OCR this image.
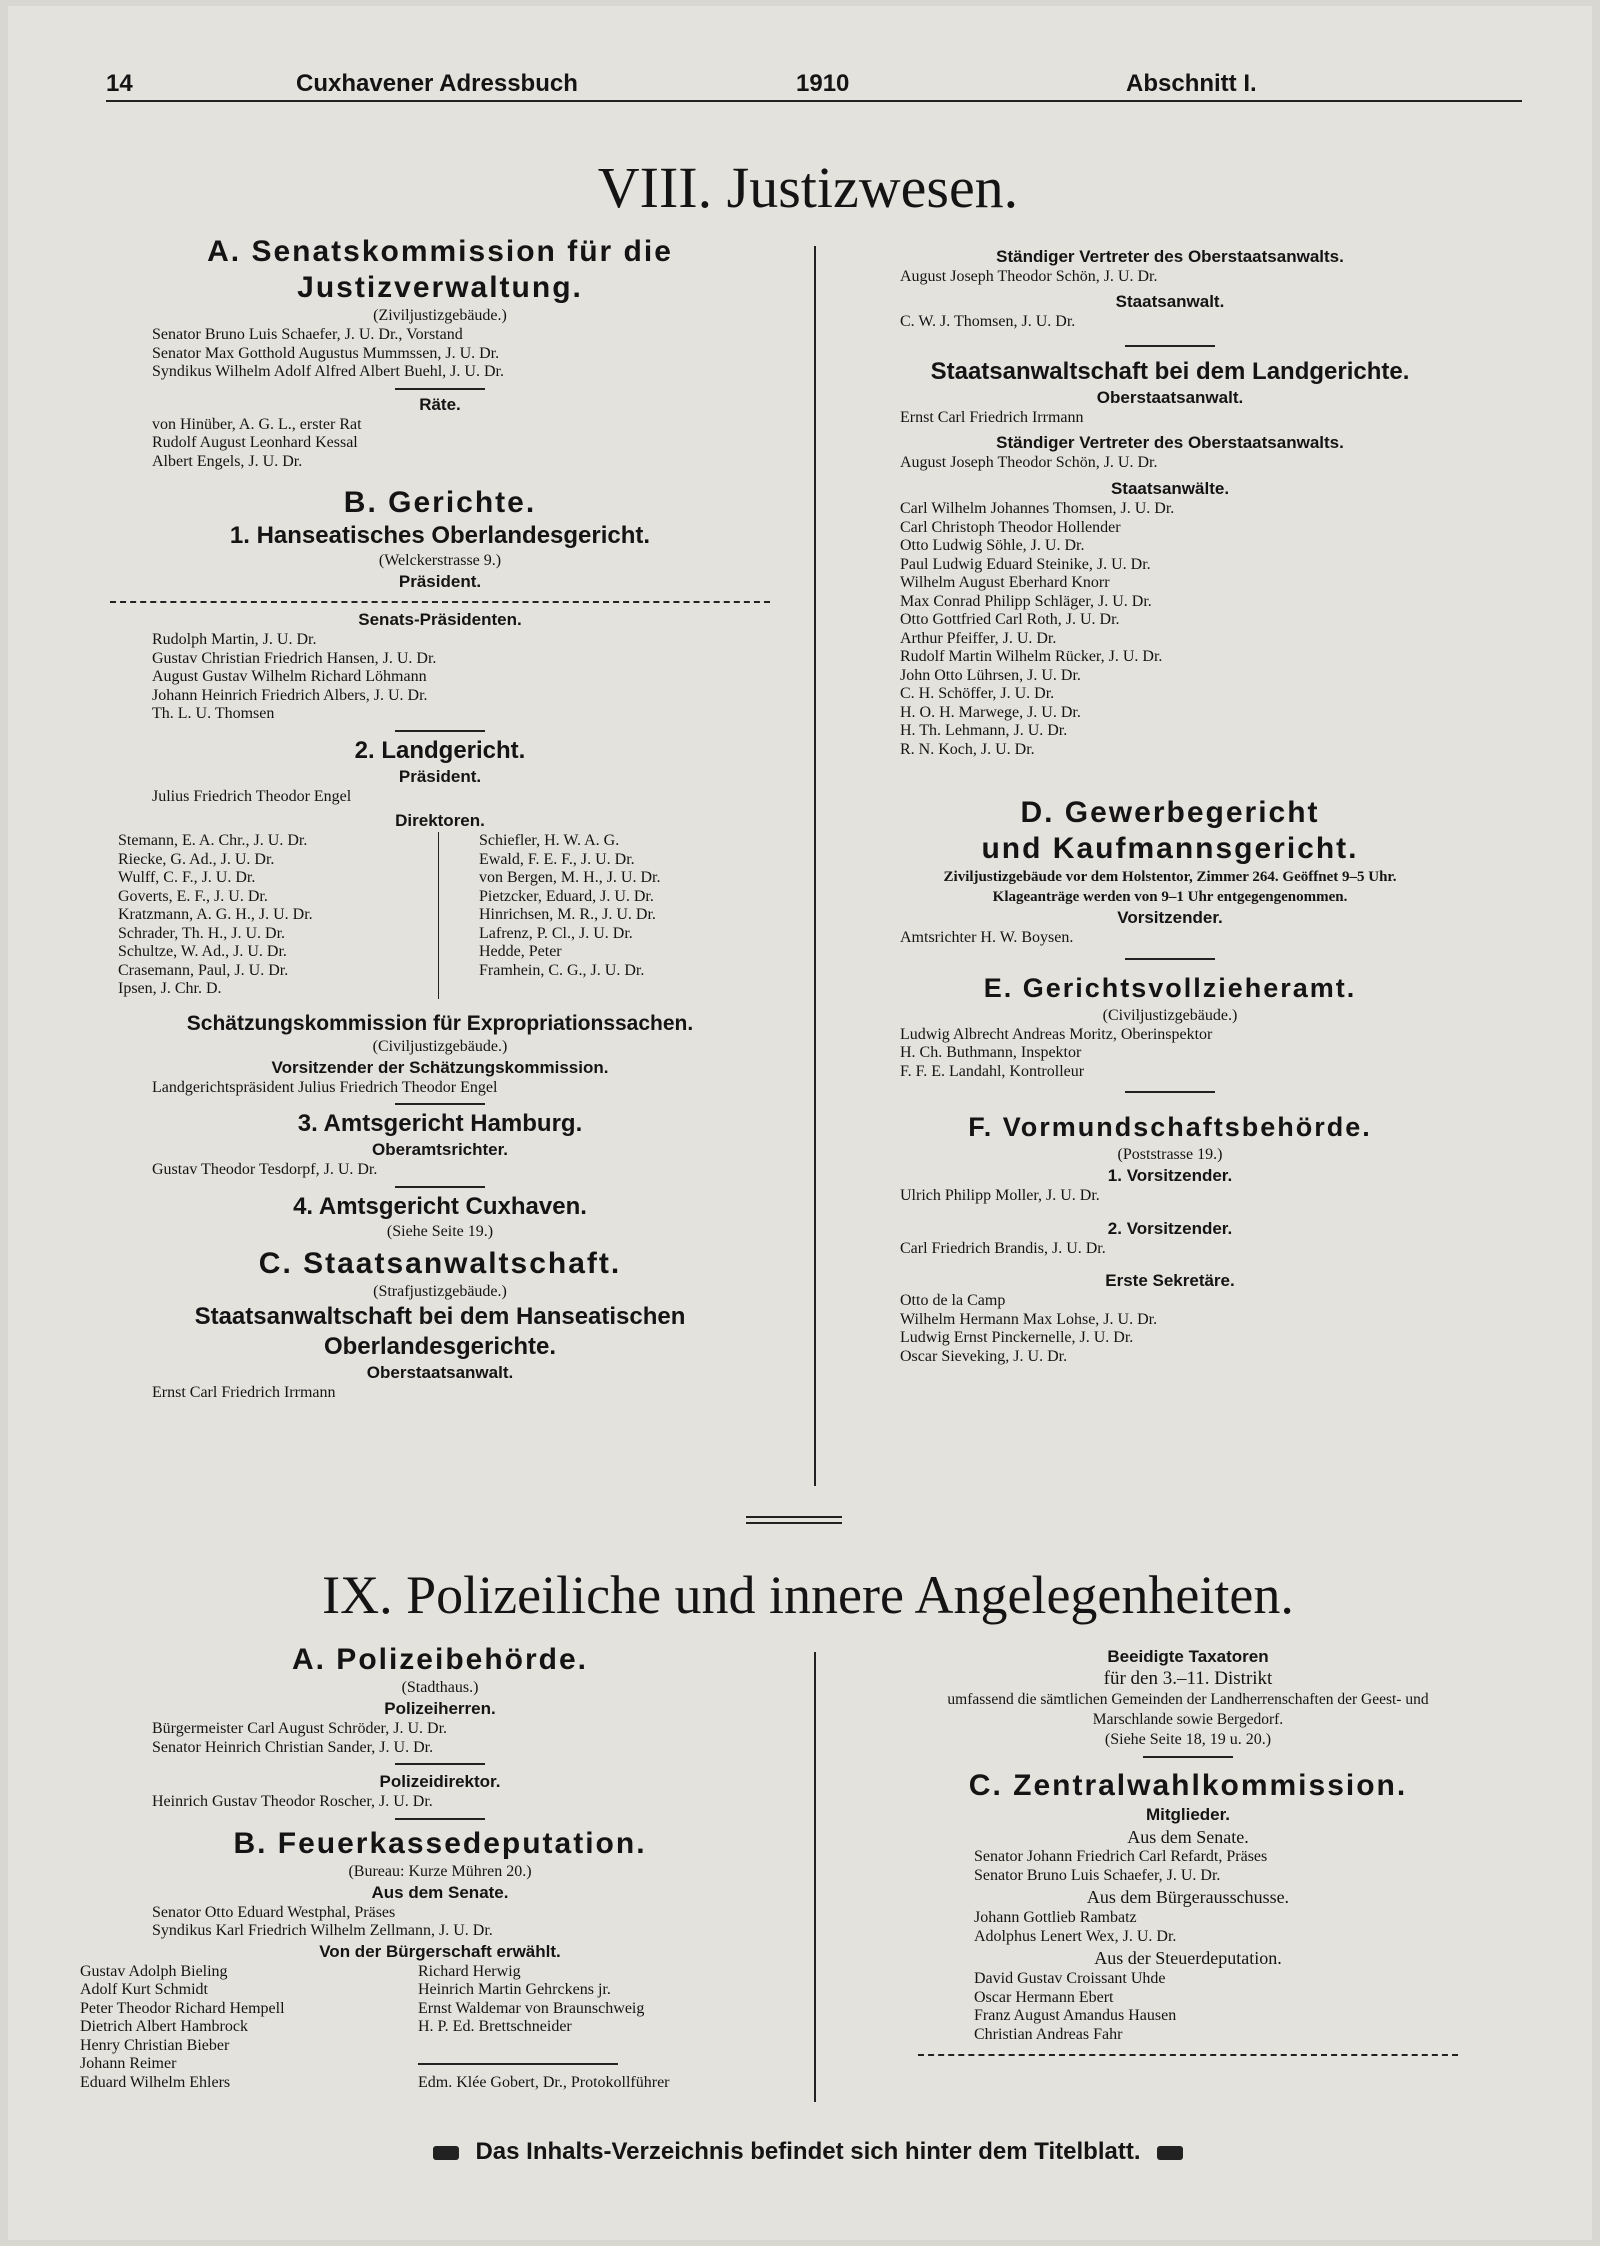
14	Cuxhavener Adressbuch	1910	Abschnitt I.
VIII. Justizwesen.
A. Senatskommission für die
Justizverwaltung.
(Ziviljustizgebäude.)
Senator Bruno Luis Schaefer, J. U. Dr., Vorstand
Senator Max Gotthold Augustus Mummssen, J. U. Dr.
Syndikus Wilhelm Adolf Alfred Albert Buehl, J. U. Dr.
Räte.
von Hinüber, A. G. L., erster Rat
Rudolf August Leonhard Kessal
Albert Engels, J. U. Dr.
B. Gerichte.
1. Hanseatisches Oberlandesgericht.
(Welckerstrasse 9.)
Präsident.
Senats-Präsidenten.
Rudolph Martin, J. U. Dr.
Gustav Christian Friedrich Hansen, J. U. Dr.
August Gustav Wilhelm Richard Löhmann
Johann Heinrich Friedrich Albers, J. U. Dr.
Th. L. U. Thomsen
2. Landgericht.
Präsident.
Julius Friedrich Theodor Engel
Direktoren.
Stemann, E. A. Chr., J. U. Dr.
Riecke, G. Ad., J. U. Dr.
Wulff, C. F., J. U. Dr.
Goverts, E. F., J. U. Dr.
Kratzmann, A. G. H., J. U. Dr.
Schrader, Th. H., J. U. Dr.
Schultze, W. Ad., J. U. Dr.
Crasemann, Paul, J. U. Dr.
Ipsen, J. Chr. D.
Schiefler, H. W. A. G.
Ewald, F. E. F., J. U. Dr.
von Bergen, M. H., J. U. Dr.
Pietzcker, Eduard, J. U. Dr.
Hinrichsen, M. R., J. U. Dr.
Lafrenz, P. Cl., J. U. Dr.
Hedde, Peter
Framhein, C. G., J. U. Dr.
Schätzungskommission für Expropriationssachen.
(Civiljustizgebäude.)
Vorsitzender der Schätzungskommission.
Landgerichtspräsident Julius Friedrich Theodor Engel
3. Amtsgericht Hamburg.
Oberamtsrichter.
Gustav Theodor Tesdorpf, J. U. Dr.
4. Amtsgericht Cuxhaven.
(Siehe Seite 19.)
C. Staatsanwaltschaft.
(Strafjustizgebäude.)
Staatsanwaltschaft bei dem Hanseatischen
Oberlandesgerichte.
Oberstaatsanwalt.
Ernst Carl Friedrich Irrmann
Ständiger Vertreter des Oberstaatsanwalts.
August Joseph Theodor Schön, J. U. Dr.
Staatsanwalt.
C. W. J. Thomsen, J. U. Dr.
Staatsanwaltschaft bei dem Landgerichte.
Oberstaatsanwalt.
Ernst Carl Friedrich Irrmann
Ständiger Vertreter des Oberstaatsanwalts.
August Joseph Theodor Schön, J. U. Dr.
Staatsanwälte.
Carl Wilhelm Johannes Thomsen, J. U. Dr.
Carl Christoph Theodor Hollender
Otto Ludwig Söhle, J. U. Dr.
Paul Ludwig Eduard Steinike, J. U. Dr.
Wilhelm August Eberhard Knorr
Max Conrad Philipp Schläger, J. U. Dr.
Otto Gottfried Carl Roth, J. U. Dr.
Arthur Pfeiffer, J. U. Dr.
Rudolf Martin Wilhelm Rücker, J. U. Dr.
John Otto Lührsen, J. U. Dr.
C. H. Schöffer, J. U. Dr.
H. O. H. Marwege, J. U. Dr.
H. Th. Lehmann, J. U. Dr.
R. N. Koch, J. U. Dr.
D. Gewerbegericht
und Kaufmannsgericht.
Ziviljustizgebäude vor dem Holstentor, Zimmer 264. Geöffnet 9–5 Uhr.
Klageanträge werden von 9–1 Uhr entgegengenommen.
Vorsitzender.
Amtsrichter H. W. Boysen.
E. Gerichtsvollzieheramt.
(Civiljustizgebäude.)
Ludwig Albrecht Andreas Moritz, Oberinspektor
H. Ch. Buthmann, Inspektor
F. F. E. Landahl, Kontrolleur
F. Vormundschaftsbehörde.
(Poststrasse 19.)
1. Vorsitzender.
Ulrich Philipp Moller, J. U. Dr.
2. Vorsitzender.
Carl Friedrich Brandis, J. U. Dr.
Erste Sekretäre.
Otto de la Camp
Wilhelm Hermann Max Lohse, J. U. Dr.
Ludwig Ernst Pinckernelle, J. U. Dr.
Oscar Sieveking, J. U. Dr.
IX. Polizeiliche und innere Angelegenheiten.
A. Polizeibehörde.
(Stadthaus.)
Polizeiherren.
Bürgermeister Carl August Schröder, J. U. Dr.
Senator Heinrich Christian Sander, J. U. Dr.
Polizeidirektor.
Heinrich Gustav Theodor Roscher, J. U. Dr.
B. Feuerkassedeputation.
(Bureau: Kurze Mühren 20.)
Aus dem Senate.
Senator Otto Eduard Westphal, Präses
Syndikus Karl Friedrich Wilhelm Zellmann, J. U. Dr.
Von der Bürgerschaft erwählt.
Gustav Adolph Bieling
Adolf Kurt Schmidt
Peter Theodor Richard Hempell
Dietrich Albert Hambrock
Henry Christian Bieber
Johann Reimer
Eduard Wilhelm Ehlers
Richard Herwig
Heinrich Martin Gehrckens jr.
Ernst Waldemar von Braunschweig
H. P. Ed. Brettschneider
Edm. Klée Gobert, Dr., Protokollführer
Beeidigte Taxatoren
für den 3.–11. Distrikt
umfassend die sämtlichen Gemeinden der Landherrenschaften der Geest- und
Marschlande sowie Bergedorf.
(Siehe Seite 18, 19 u. 20.)
C. Zentralwahlkommission.
Mitglieder.
Aus dem Senate.
Senator Johann Friedrich Carl Refardt, Präses
Senator Bruno Luis Schaefer, J. U. Dr.
Aus dem Bürgerausschusse.
Johann Gottlieb Rambatz
Adolphus Lenert Wex, J. U. Dr.
Aus der Steuerdeputation.
David Gustav Croissant Uhde
Oscar Hermann Ebert
Franz August Amandus Hausen
Christian Andreas Fahr
Das Inhalts-Verzeichnis befindet sich hinter dem Titelblatt.
